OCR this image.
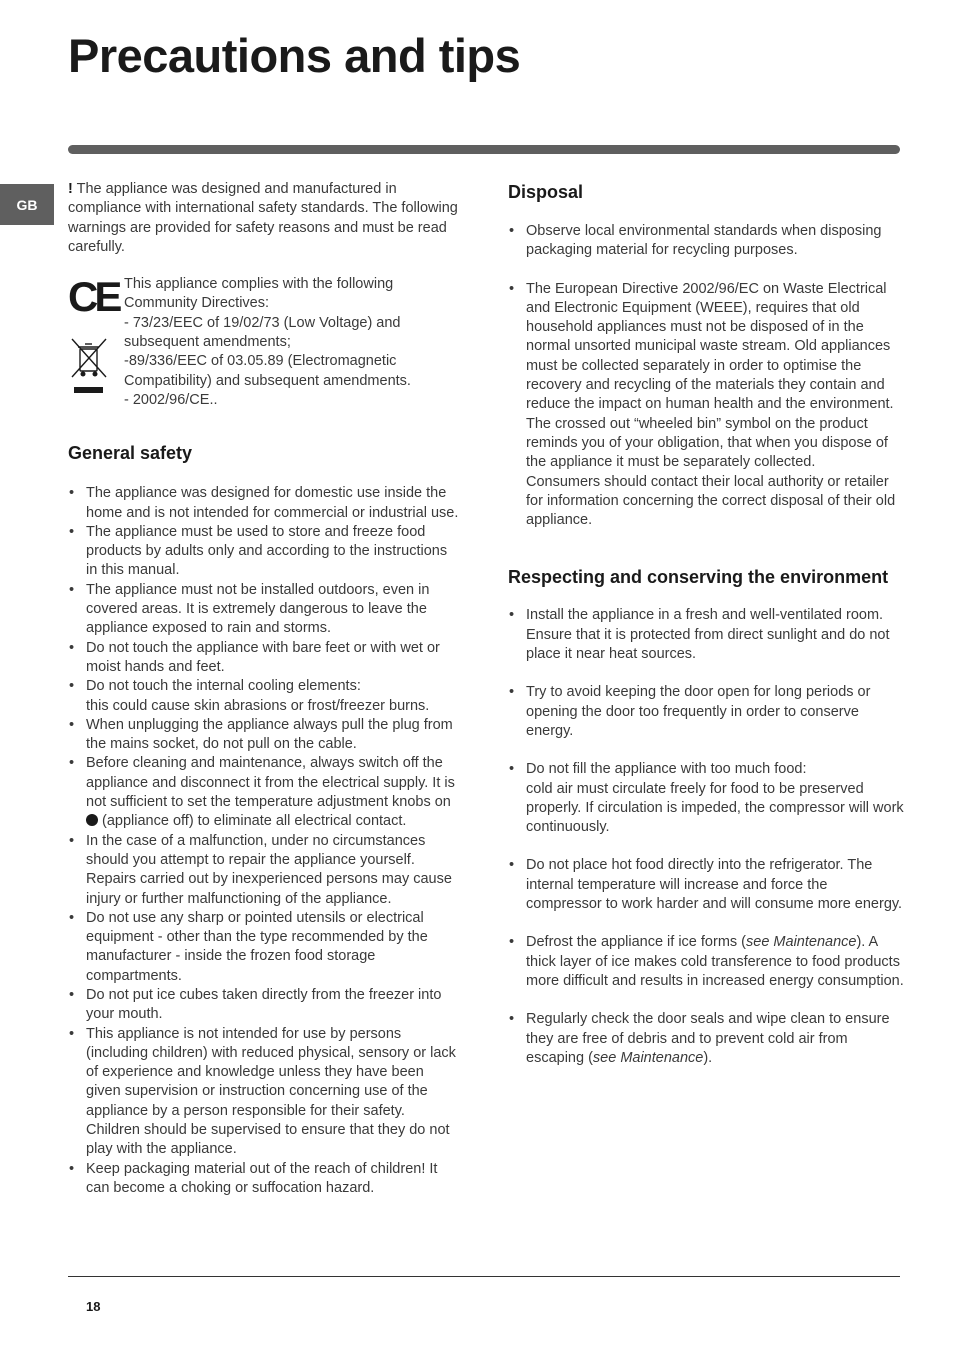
Precautions and tips
GB

! The appliance was designed and manufactured in compliance with international safety standards. The following warnings are provided for safety reasons and must be read carefully.

CE This appliance complies with the following Community Directives:
- 73/23/EEC of 19/02/73 (Low Voltage) and subsequent amendments;
-89/336/EEC of 03.05.89 (Electromagnetic Compatibility) and subsequent amendments.
- 2002/96/CE..
General safety
• The appliance was designed for domestic use inside the home and is not intended for commercial or industrial use.
• The appliance must be used to store and freeze food products by adults only and according to the instructions in this manual.
• The appliance must not be installed outdoors, even in covered areas. It is extremely dangerous to leave the appliance exposed to rain and storms.
• Do not touch the appliance with bare feet or with wet or moist hands and feet.
• Do not touch the internal cooling elements:
this could cause skin abrasions or frost/freezer burns.
• When unplugging the appliance always pull the plug from the mains socket, do not pull on the cable.
• Before cleaning and maintenance, always switch off the appliance and disconnect it from the electrical supply. It is not sufficient to set the temperature adjustment knobs on  (appliance off) to eliminate all electrical contact.
• In the case of a malfunction, under no circumstances should you attempt to repair the appliance yourself. Repairs carried out by inexperienced persons may cause injury or further malfunctioning of the appliance.
• Do not use any sharp or pointed utensils or electrical equipment - other than the type recommended by the manufacturer - inside the frozen food storage compartments.
• Do not put ice cubes taken directly from the freezer into your mouth.
• This appliance is not intended for use by persons (including children) with reduced physical, sensory or lack of experience and knowledge unless they have been given supervision or instruction concerning use of the appliance by a person responsible for their safety. Children should be supervised to ensure that they do not play with the appliance.
• Keep packaging material out of the reach of children! It can become a choking or suffocation hazard.
Disposal
• Observe local environmental standards when disposing packaging material for recycling purposes.
• The European Directive 2002/96/EC on Waste Electrical and Electronic Equipment (WEEE), requires that old household appliances must not be disposed of in the normal unsorted municipal waste stream. Old appliances must be collected separately in order to optimise the recovery and recycling of the materials they contain and reduce the impact on human health and the environment. The crossed out “wheeled bin” symbol on the product reminds you of your obligation, that when you dispose of the appliance it must be separately collected.
Consumers should contact their local authority or retailer for information concerning the correct disposal of their old appliance.
Respecting and conserving the environment
• Install the appliance in a fresh and well-ventilated room. Ensure that it is protected from direct sunlight and do not place it near heat sources.
• Try to avoid keeping the door open for long periods or opening the door too frequently in order to conserve energy.
• Do not fill the appliance with too much food:
cold air must circulate freely for food to be preserved properly. If circulation is impeded, the compressor will work continuously.
• Do not place hot food directly into the refrigerator. The internal temperature will increase and force the compressor to work harder and will consume more energy.
• Defrost the appliance if ice forms (see Maintenance). A thick layer of ice makes cold transference to food products more difficult and results in increased energy consumption.
• Regularly check the door seals and wipe clean to ensure they are free of debris and to prevent cold air from escaping (see Maintenance).
18
